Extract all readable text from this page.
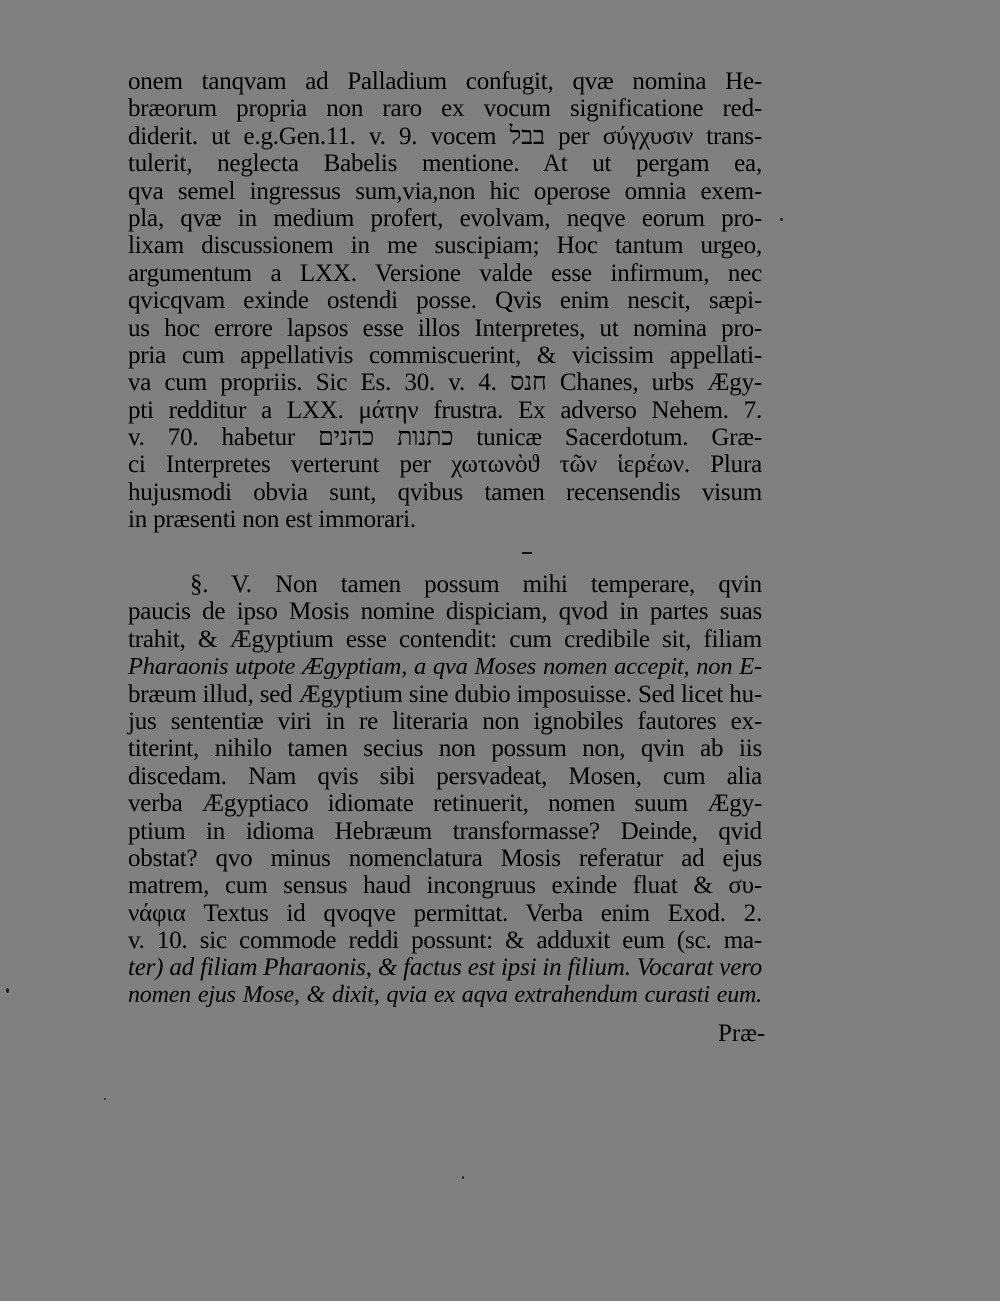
onem tanqvam ad Palladium confugit, qvæ nomina He-
bræorum propria non raro ex vocum significatione red-
diderit. ut e.g.Gen.11. v. 9. vocem בבל per σύγχυσιν trans-
tulerit, neglecta Babelis mentione. At ut pergam ea,
qva semel ingressus sum,via,non hic operose omnia exem-
pla, qvæ in medium profert, evolvam, neqve eorum pro-
lixam discussionem in me suscipiam; Hoc tantum urgeo,
argumentum a LXX. Versione valde esse infirmum, nec
qvicqvam exinde ostendi posse. Qvis enim nescit, sæpi-
us hoc errore lapsos esse illos Interpretes, ut nomina pro-
pria cum appellativis commiscuerint, & vicissim appellati-
va cum propriis. Sic Es. 30. v. 4. חנס Chanes, urbs Ægy-
pti redditur a LXX. μάτην frustra. Ex adverso Nehem. 7.
v. 70. habetur כתנות כהנים tunicæ Sacerdotum. Græ-
ci Interpretes verterunt per χωτωνὸϑ τῶν ἱερέων. Plura
hujusmodi obvia sunt, qvibus tamen recensendis visum
in præsenti non est immorari.
§. V. Non tamen possum mihi temperare, qvin
paucis de ipso Mosis nomine dispiciam, qvod in partes suas
trahit, & Ægyptium esse contendit: cum credibile sit, filiam
Pharaonis utpote Ægyptiam, a qva Moses nomen accepit, non E-
bræum illud, sed Ægyptium sine dubio imposuisse. Sed licet hu-
jus sententiæ viri in re literaria non ignobiles fautores ex-
titerint, nihilo tamen secius non possum non, qvin ab iis
discedam. Nam qvis sibi persvadeat, Mosen, cum alia
verba Ægyptiaco idiomate retinuerit, nomen suum Ægy-
ptium in idioma Hebræum transformasse? Deinde, qvid
obstat? qvo minus nomenclatura Mosis referatur ad ejus
matrem, cum sensus haud incongruus exinde fluat & συ-
νάφια Textus id qvoqve permittat. Verba enim Exod. 2.
v. 10. sic commode reddi possunt: & adduxit eum (sc. ma-
ter) ad filiam Pharaonis, & factus est ipsi in filium. Vocarat vero
nomen ejus Mose, & dixit, qvia ex aqva extrahendum curasti eum.
Præ-
